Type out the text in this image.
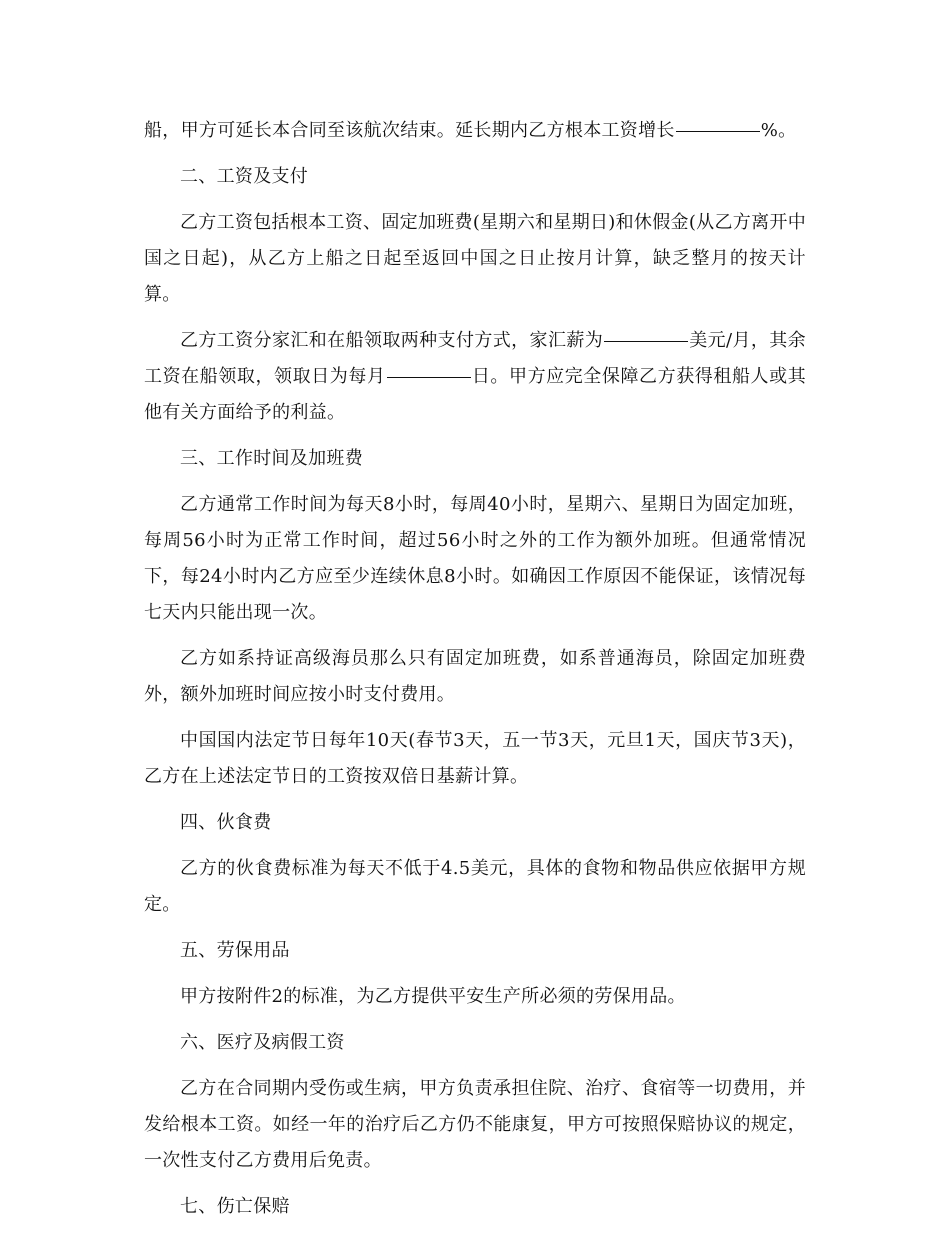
船，甲方可延长本合同至该航次结束。延长期内乙方根本工资增长	%。

二、工资及支付

乙方工资包括根本工资、固定加班费(星期六和星期日)和休假金(从乙方离开中国之日起)，从乙方上船之日起至返回中国之日止按月计算，缺乏整月的按天计算。

乙方工资分家汇和在船领取两种支付方式，家汇薪为	美元/月，其余工资在船领取，领取日为每月	日。甲方应完全保障乙方获得租船人或其他有关方面给予的利益。

三、工作时间及加班费

乙方通常工作时间为每天8小时，每周40小时，星期六、星期日为固定加班，每周56小时为正常工作时间，超过56小时之外的工作为额外加班。但通常情况下，每24小时内乙方应至少连续休息8小时。如确因工作原因不能保证，该情况每七天内只能出现一次。

乙方如系持证高级海员那么只有固定加班费，如系普通海员，除固定加班费外，额外加班时间应按小时支付费用。

中国国内法定节日每年10天(春节3天，五一节3天，元旦1天，国庆节3天)，乙方在上述法定节日的工资按双倍日基薪计算。

四、伙食费

乙方的伙食费标准为每天不低于4.5美元，具体的食物和物品供应依据甲方规定。

五、劳保用品

甲方按附件2的标准，为乙方提供平安生产所必须的劳保用品。

六、医疗及病假工资

乙方在合同期内受伤或生病，甲方负责承担住院、治疗、食宿等一切费用，并发给根本工资。如经一年的治疗后乙方仍不能康复，甲方可按照保赔协议的规定，一次性支付乙方费用后免责。

七、伤亡保赔
